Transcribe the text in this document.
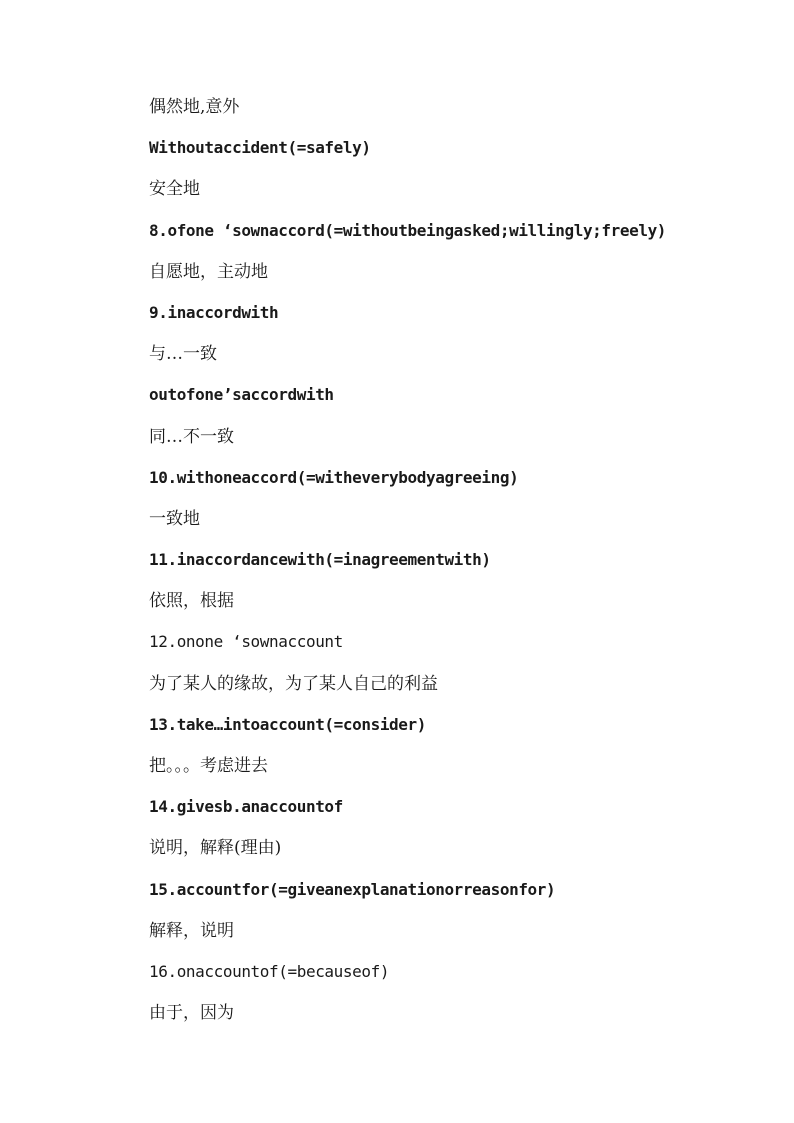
偶然地,意外
Withoutaccident(=safely)
安全地
8.ofone ‘sownaccord(=withoutbeingasked;willingly;freely)
自愿地，主动地
9.inaccordwith
与…一致
outofone’saccordwith
同…不一致
10.withoneaccord(=witheverybodyagreeing)
一致地
11.inaccordancewith(=inagreementwith)
依照，根据
12.onone ‘sownaccount
为了某人的缘故，为了某人自己的利益
13.take…intoaccount(=consider)
把。。。考虑进去
14.givesb.anaccountof
说明，解释(理由)
15.accountfor(=giveanexplanationorreasonfor)
解释，说明
16.onaccountof(=becauseof)
由于，因为
